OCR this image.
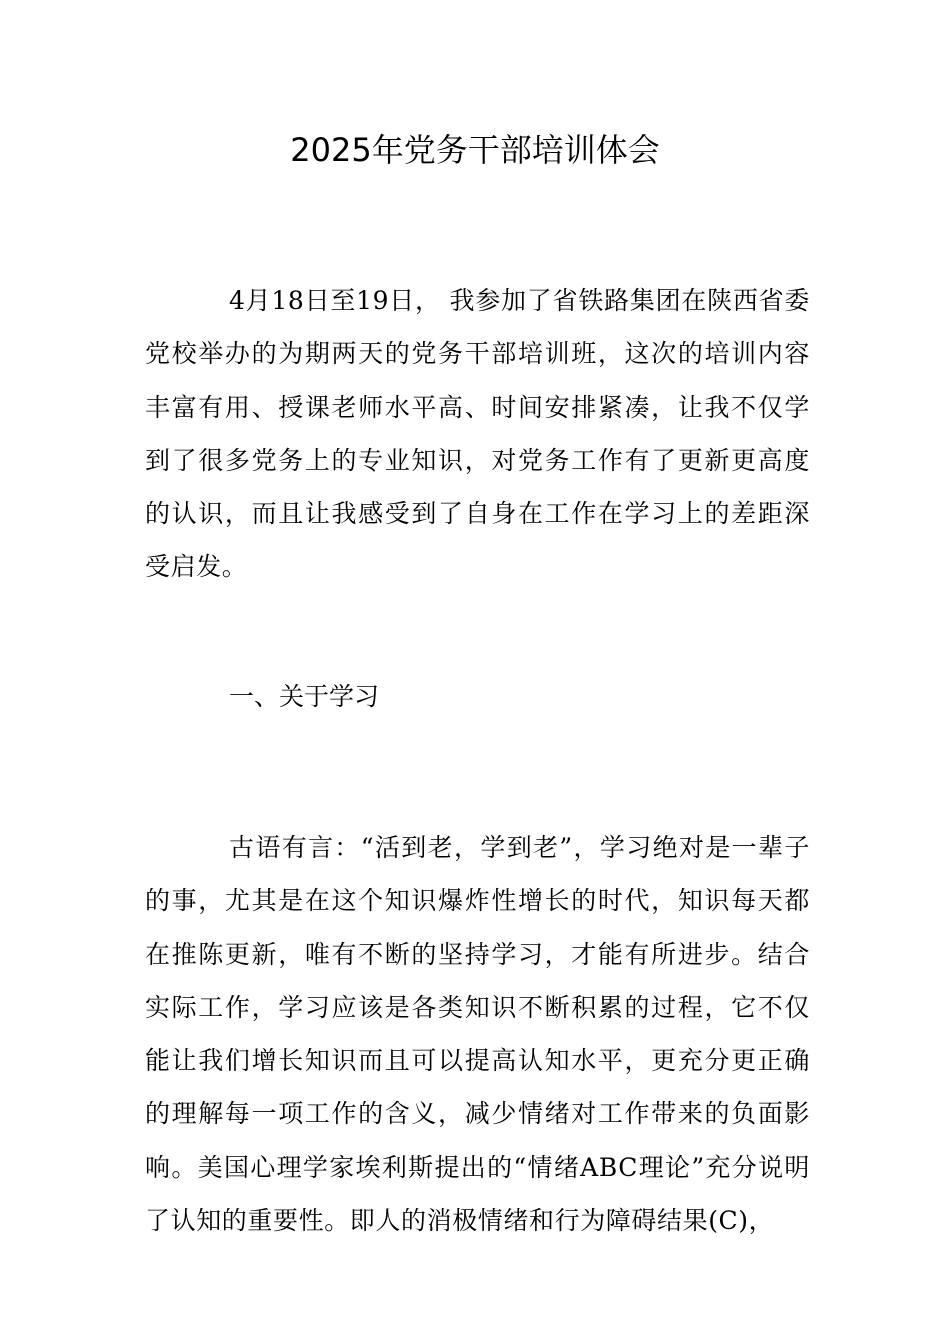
2025年党务干部培训体会

4月18日至19日， 我参加了省铁路集团在陕西省委党校举办的为期两天的党务干部培训班，这次的培训内容丰富有用、授课老师水平高、时间安排紧凑，让我不仅学到了很多党务上的专业知识，对党务工作有了更新更高度的认识，而且让我感受到了自身在工作在学习上的差距深受启发。

一、关于学习

古语有言：“活到老，学到老”，学习绝对是一辈子的事，尤其是在这个知识爆炸性增长的时代，知识每天都在推陈更新，唯有不断的坚持学习，才能有所进步。结合实际工作，学习应该是各类知识不断积累的过程，它不仅能让我们增长知识而且可以提高认知水平，更充分更正确的理解每一项工作的含义，减少情绪对工作带来的负面影响。美国心理学家埃利斯提出的“情绪ABC理论”充分说明了认知的重要性。即人的消极情绪和行为障碍结果(C)，
